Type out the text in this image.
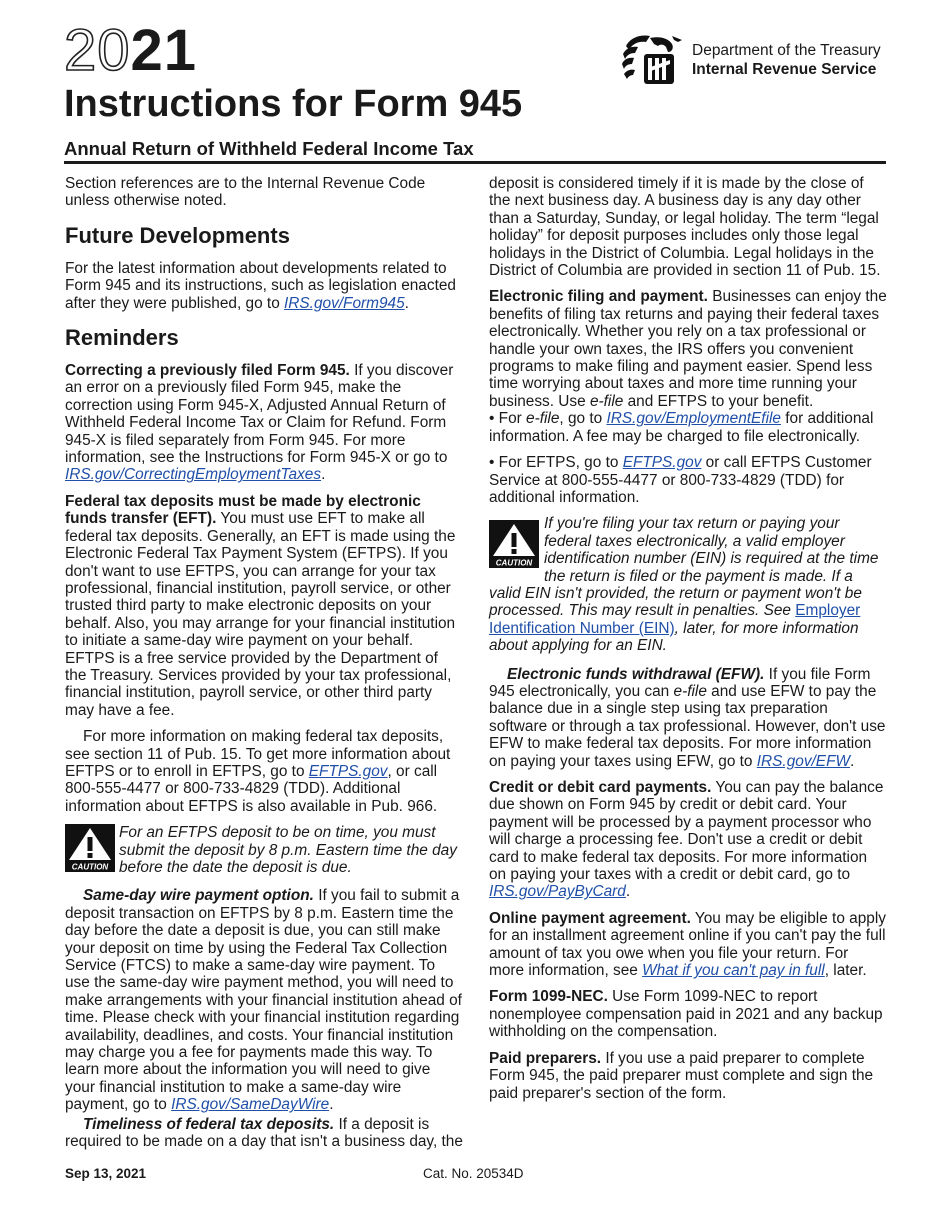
2021
Instructions for Form 945
Annual Return of Withheld Federal Income Tax
Department of the Treasury
Internal Revenue Service

Section references are to the Internal Revenue Code unless otherwise noted.

Future Developments

For the latest information about developments related to Form 945 and its instructions, such as legislation enacted after they were published, go to IRS.gov/Form945.

Reminders

Correcting a previously filed Form 945. If you discover an error on a previously filed Form 945, make the correction using Form 945-X, Adjusted Annual Return of Withheld Federal Income Tax or Claim for Refund. Form 945-X is filed separately from Form 945. For more information, see the Instructions for Form 945-X or go to IRS.gov/CorrectingEmploymentTaxes.

Federal tax deposits must be made by electronic funds transfer (EFT). You must use EFT to make all federal tax deposits. Generally, an EFT is made using the Electronic Federal Tax Payment System (EFTPS). If you don't want to use EFTPS, you can arrange for your tax professional, financial institution, payroll service, or other trusted third party to make electronic deposits on your behalf. Also, you may arrange for your financial institution to initiate a same-day wire payment on your behalf. EFTPS is a free service provided by the Department of the Treasury. Services provided by your tax professional, financial institution, payroll service, or other third party may have a fee.

For more information on making federal tax deposits, see section 11 of Pub. 15. To get more information about EFTPS or to enroll in EFTPS, go to EFTPS.gov, or call 800-555-4477 or 800-733-4829 (TDD). Additional information about EFTPS is also available in Pub. 966.

CAUTION
For an EFTPS deposit to be on time, you must submit the deposit by 8 p.m. Eastern time the day before the date the deposit is due.

Same-day wire payment option. If you fail to submit a deposit transaction on EFTPS by 8 p.m. Eastern time the day before the date a deposit is due, you can still make your deposit on time by using the Federal Tax Collection Service (FTCS) to make a same-day wire payment. To use the same-day wire payment method, you will need to make arrangements with your financial institution ahead of time. Please check with your financial institution regarding availability, deadlines, and costs. Your financial institution may charge you a fee for payments made this way. To learn more about the information you will need to give your financial institution to make a same-day wire payment, go to IRS.gov/SameDayWire.

Timeliness of federal tax deposits. If a deposit is required to be made on a day that isn't a business day, the

deposit is considered timely if it is made by the close of the next business day. A business day is any day other than a Saturday, Sunday, or legal holiday. The term “legal holiday” for deposit purposes includes only those legal holidays in the District of Columbia. Legal holidays in the District of Columbia are provided in section 11 of Pub. 15.

Electronic filing and payment. Businesses can enjoy the benefits of filing tax returns and paying their federal taxes electronically. Whether you rely on a tax professional or handle your own taxes, the IRS offers you convenient programs to make filing and payment easier. Spend less time worrying about taxes and more time running your business. Use e-file and EFTPS to your benefit.

• For e-file, go to IRS.gov/EmploymentEfile for additional information. A fee may be charged to file electronically.

• For EFTPS, go to EFTPS.gov or call EFTPS Customer Service at 800-555-4477 or 800-733-4829 (TDD) for additional information.

CAUTION
If you're filing your tax return or paying your federal taxes electronically, a valid employer identification number (EIN) is required at the time the return is filed or the payment is made. If a valid EIN isn't provided, the return or payment won't be processed. This may result in penalties. See Employer Identification Number (EIN), later, for more information about applying for an EIN.

Electronic funds withdrawal (EFW). If you file Form 945 electronically, you can e-file and use EFW to pay the balance due in a single step using tax preparation software or through a tax professional. However, don't use EFW to make federal tax deposits. For more information on paying your taxes using EFW, go to IRS.gov/EFW.

Credit or debit card payments. You can pay the balance due shown on Form 945 by credit or debit card. Your payment will be processed by a payment processor who will charge a processing fee. Don't use a credit or debit card to make federal tax deposits. For more information on paying your taxes with a credit or debit card, go to IRS.gov/PayByCard.

Online payment agreement. You may be eligible to apply for an installment agreement online if you can't pay the full amount of tax you owe when you file your return. For more information, see What if you can't pay in full, later.

Form 1099-NEC. Use Form 1099-NEC to report nonemployee compensation paid in 2021 and any backup withholding on the compensation.

Paid preparers. If you use a paid preparer to complete Form 945, the paid preparer must complete and sign the paid preparer's section of the form.

Sep 13, 2021	Cat. No. 20534D
